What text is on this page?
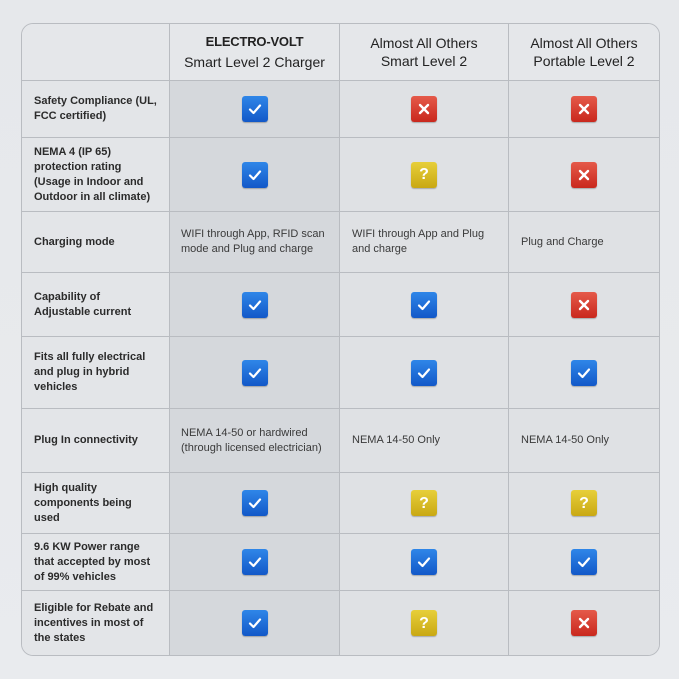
ELECTRO-VOLT
Smart Level 2 Charger
Almost All Others
Smart Level 2
Almost All Others
Portable Level 2
Safety Compliance (UL, FCC certified)
NEMA 4 (IP 65) protection rating (Usage in Indoor and Outdoor in all climate)
?
Charging mode
WIFI through App, RFID scan mode and Plug and charge
WIFI through App and Plug and charge
Plug and Charge
Capability of Adjustable current
Fits all fully electrical and plug in hybrid vehicles
Plug In connectivity
NEMA 14-50 or hardwired (through licensed electrician)
NEMA 14-50 Only	NEMA 14-50 Only
High quality components being used
?	?
9.6 KW Power range that accepted by most of 99% vehicles
Eligible for Rebate and incentives in most of the states
?
